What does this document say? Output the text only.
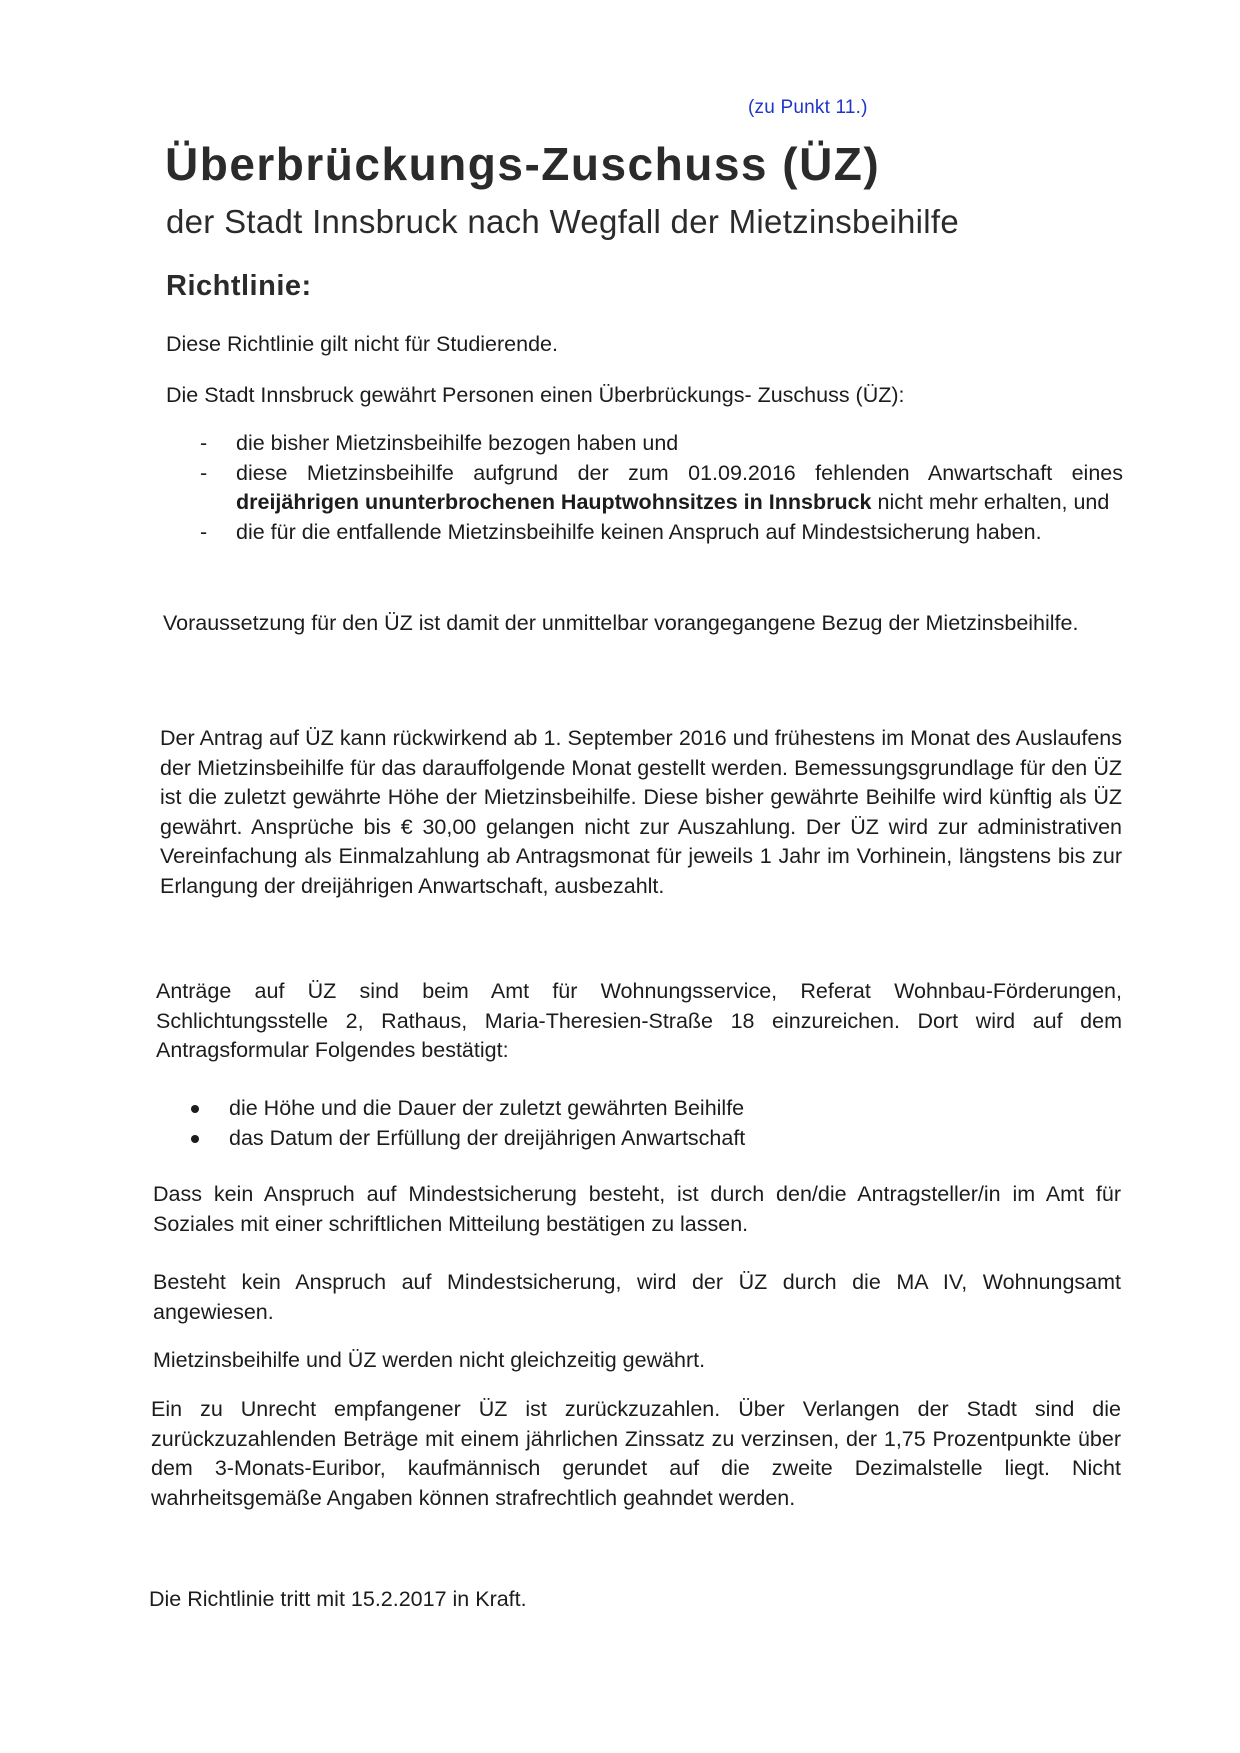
(zu Punkt 11.)
Überbrückungs-Zuschuss (ÜZ)
der Stadt Innsbruck nach Wegfall der Mietzinsbeihilfe
Richtlinie:

Diese Richtlinie gilt nicht für Studierende.

Die Stadt Innsbruck gewährt Personen einen Überbrückungs- Zuschuss (ÜZ):

- die bisher Mietzinsbeihilfe bezogen haben und
- diese Mietzinsbeihilfe aufgrund der zum 01.09.2016 fehlenden Anwartschaft eines dreijährigen ununterbrochenen Hauptwohnsitzes in Innsbruck nicht mehr erhalten, und
- die für die entfallende Mietzinsbeihilfe keinen Anspruch auf Mindestsicherung haben.

Voraussetzung für den ÜZ ist damit der unmittelbar vorangegangene Bezug der Mietzinsbeihilfe.

Der Antrag auf ÜZ kann rückwirkend ab 1. September 2016 und frühestens im Monat des Auslaufens der Mietzinsbeihilfe für das darauffolgende Monat gestellt werden. Bemessungsgrundlage für den ÜZ ist die zuletzt gewährte Höhe der Mietzinsbeihilfe. Diese bisher gewährte Beihilfe wird künftig als ÜZ gewährt. Ansprüche bis € 30,00 gelangen nicht zur Auszahlung. Der ÜZ wird zur administrativen Vereinfachung als Einmalzahlung ab Antragsmonat für jeweils 1 Jahr im Vorhinein, längstens bis zur Erlangung der dreijährigen Anwartschaft, ausbezahlt.

Anträge auf ÜZ sind beim Amt für Wohnungsservice, Referat Wohnbau-Förderungen, Schlichtungsstelle 2, Rathaus, Maria-Theresien-Straße 18 einzureichen. Dort wird auf dem Antragsformular Folgendes bestätigt:

die Höhe und die Dauer der zuletzt gewährten Beihilfe
das Datum der Erfüllung der dreijährigen Anwartschaft

Dass kein Anspruch auf Mindestsicherung besteht, ist durch den/die Antragsteller/in im Amt für Soziales mit einer schriftlichen Mitteilung bestätigen zu lassen.

Besteht kein Anspruch auf Mindestsicherung, wird der ÜZ durch die MA IV, Wohnungsamt angewiesen.

Mietzinsbeihilfe und ÜZ werden nicht gleichzeitig gewährt.

Ein zu Unrecht empfangener ÜZ ist zurückzuzahlen. Über Verlangen der Stadt sind die zurückzuzahlenden Beträge mit einem jährlichen Zinssatz zu verzinsen, der 1,75 Prozentpunkte über dem 3-Monats-Euribor, kaufmännisch gerundet auf die zweite Dezimalstelle liegt. Nicht wahrheitsgemäße Angaben können strafrechtlich geahndet werden.

Die Richtlinie tritt mit 15.2.2017 in Kraft.
